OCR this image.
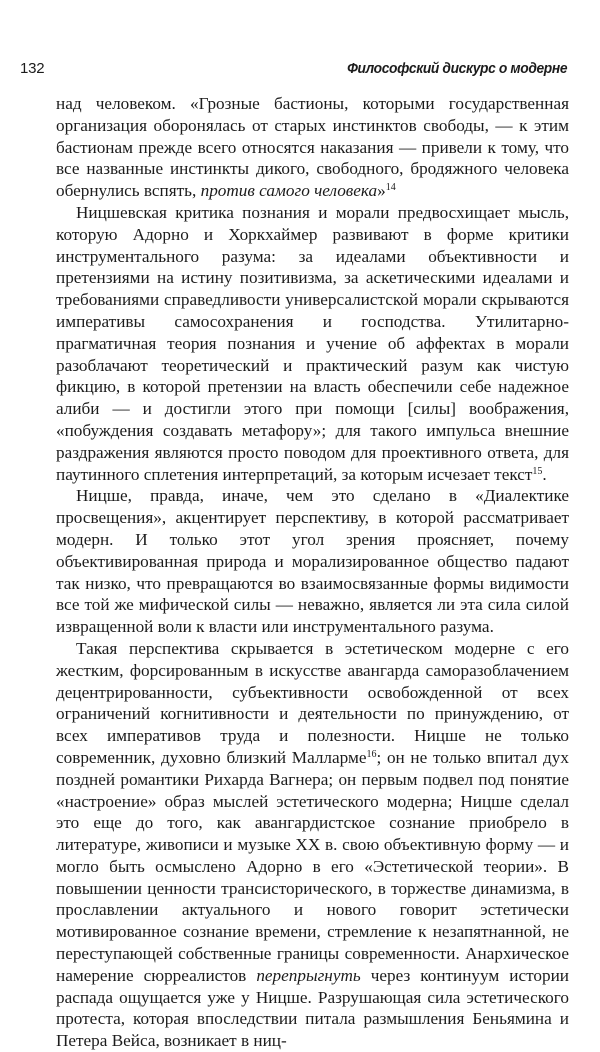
132	Философский дискурс о модерне

над человеком. «Грозные бастионы, которыми государственная организация оборонялась от старых инстинктов свободы, — к этим бастионам прежде всего относятся наказания — привели к тому, что все названные инстинкты дикого, свободного, бродяжного человека обернулись вспять, против самого человека»$^{14}$

Ницшевская критика познания и морали предвосхищает мысль, которую Адорно и Хоркхаймер развивают в форме критики инструментального разума: за идеалами объективности и претензиями на истину позитивизма, за аскетическими идеалами и требованиями справедливости универсалистской морали скрываются императивы самосохранения и господства. Утилитарно-прагматичная теория познания и учение об аффектах в морали разоблачают теоретический и практический разум как чистую фикцию, в которой претензии на власть обеспечили себе надежное алиби — и достигли этого при помощи [силы] воображения, «побуждения создавать метафору»; для такого импульса внешние раздражения являются просто поводом для проективного ответа, для паутинного сплетения интерпретаций, за которым исчезает текст$^{15}$.

Ницше, правда, иначе, чем это сделано в «Диалектике просвещения», акцентирует перспективу, в которой рассматривает модерн. И только этот угол зрения проясняет, почему объективированная природа и морализированное общество падают так низко, что превращаются во взаимосвязанные формы видимости все той же мифической силы — неважно, является ли эта сила силой извращенной воли к власти или инструментального разума.

Такая перспектива скрывается в эстетическом модерне с его жестким, форсированным в искусстве авангарда саморазоблачением децентрированности, субъективности освобожденной от всех ограничений когнитивности и деятельности по принуждению, от всех императивов труда и полезности. Ницше не только современник, духовно близкий Малларме$^{16}$; он не только впитал дух поздней романтики Рихарда Вагнера; он первым подвел под понятие «настроение» образ мыслей эстетического модерна; Ницше сделал это еще до того, как авангардистское сознание приобрело в литературе, живописи и музыке XX в. свою объективную форму — и могло быть осмыслено Адорно в его «Эстетической теории». В повышении ценности трансисторического, в торжестве динамизма, в прославлении актуального и нового говорит эстетически мотивированное сознание времени, стремление к незапятнанной, не переступающей собственные границы современности. Анархическое намерение сюрреалистов перепрыгнуть через континуум истории распада ощущается уже у Ницше. Разрушающая сила эстетического протеста, которая впоследствии питала размышления Беньямина и Петера Вейса, возникает в ниц-
